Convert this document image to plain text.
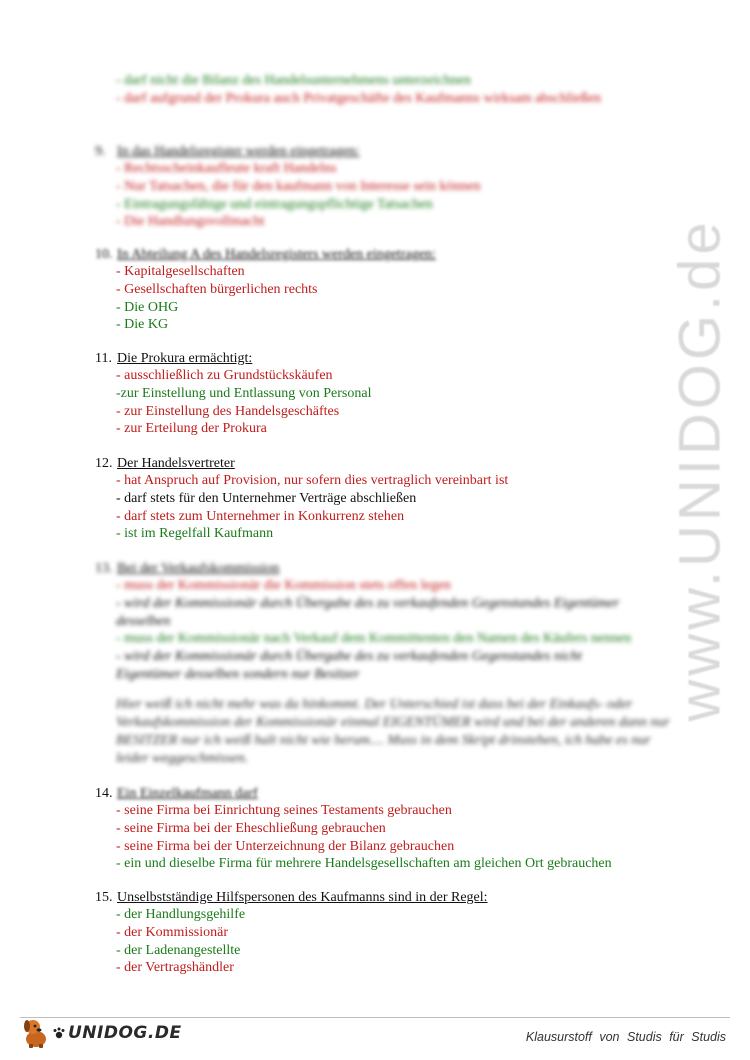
www.UNIDOG.de
- darf nicht die Bilanz des Handelsunternehmens unterzeichnen
- darf aufgrund der Prokura auch Privatgeschäfte des Kaufmanns wirksam abschließen
9. In das Handelsregister werden eingetragen:
- Rechtsscheinkaufleute kraft Handelns
- Nur Tatsachen, die für den kaufmann von Interesse sein können
- Eintragungsfähige und eintragungspflichtige Tatsachen
- Die Handlungsvollmacht
10. In Abteilung A des Handelsregisters werden eingetragen:
- Kapitalgesellschaften
- Gesellschaften bürgerlichen rechts
- Die OHG
- Die KG
11. Die Prokura ermächtigt:
- ausschließlich zu Grundstückskäufen
-zur Einstellung und Entlassung von Personal
- zur Einstellung des Handelsgeschäftes
- zur Erteilung der Prokura
12. Der Handelsvertreter
- hat Anspruch auf Provision, nur sofern dies vertraglich vereinbart ist
- darf stets für den Unternehmer Verträge abschließen
- darf stets zum Unternehmer in Konkurrenz stehen
- ist im Regelfall Kaufmann
13. Bei der Verkaufskommission
- muss der Kommissionär die Kommission stets offen legen
- wird der Kommissionär durch Übergabe des zu verkaufenden Gegenstandes Eigentümer
desselben
- muss der Kommissionär nach Verkauf dem Kommittenten den Namen des Käufers nennen
- wird der Kommissionär durch Übergabe des zu verkaufenden Gegenstandes nicht
Eigentümer desselben sondern nur Besitzer
Hier weiß ich nicht mehr was da hinkommt. Der Unterschied ist dass bei der Einkaufs- oder Verkaufskommission der Kommissionär einmal EIGENTÜMER wird und bei der anderen dann nur BESITZER nur ich weiß halt nicht wie herum.... Muss in dem Skript drinstehen, ich habe es nur leider weggeschmissen.
14. Ein Einzelkaufmann darf
- seine Firma bei Einrichtung seines Testaments gebrauchen
- seine Firma bei der Eheschließung gebrauchen
- seine Firma bei der Unterzeichnung der Bilanz gebrauchen
- ein und dieselbe Firma für mehrere Handelsgesellschaften am gleichen Ort gebrauchen
15. Unselbstständige Hilfspersonen des Kaufmanns sind in der Regel:
- der Handlungsgehilfe
- der Kommissionär
- der Ladenangestellte
- der Vertragshändler
UNIDOG.DE	Klausurstoff von Studis für Studis
